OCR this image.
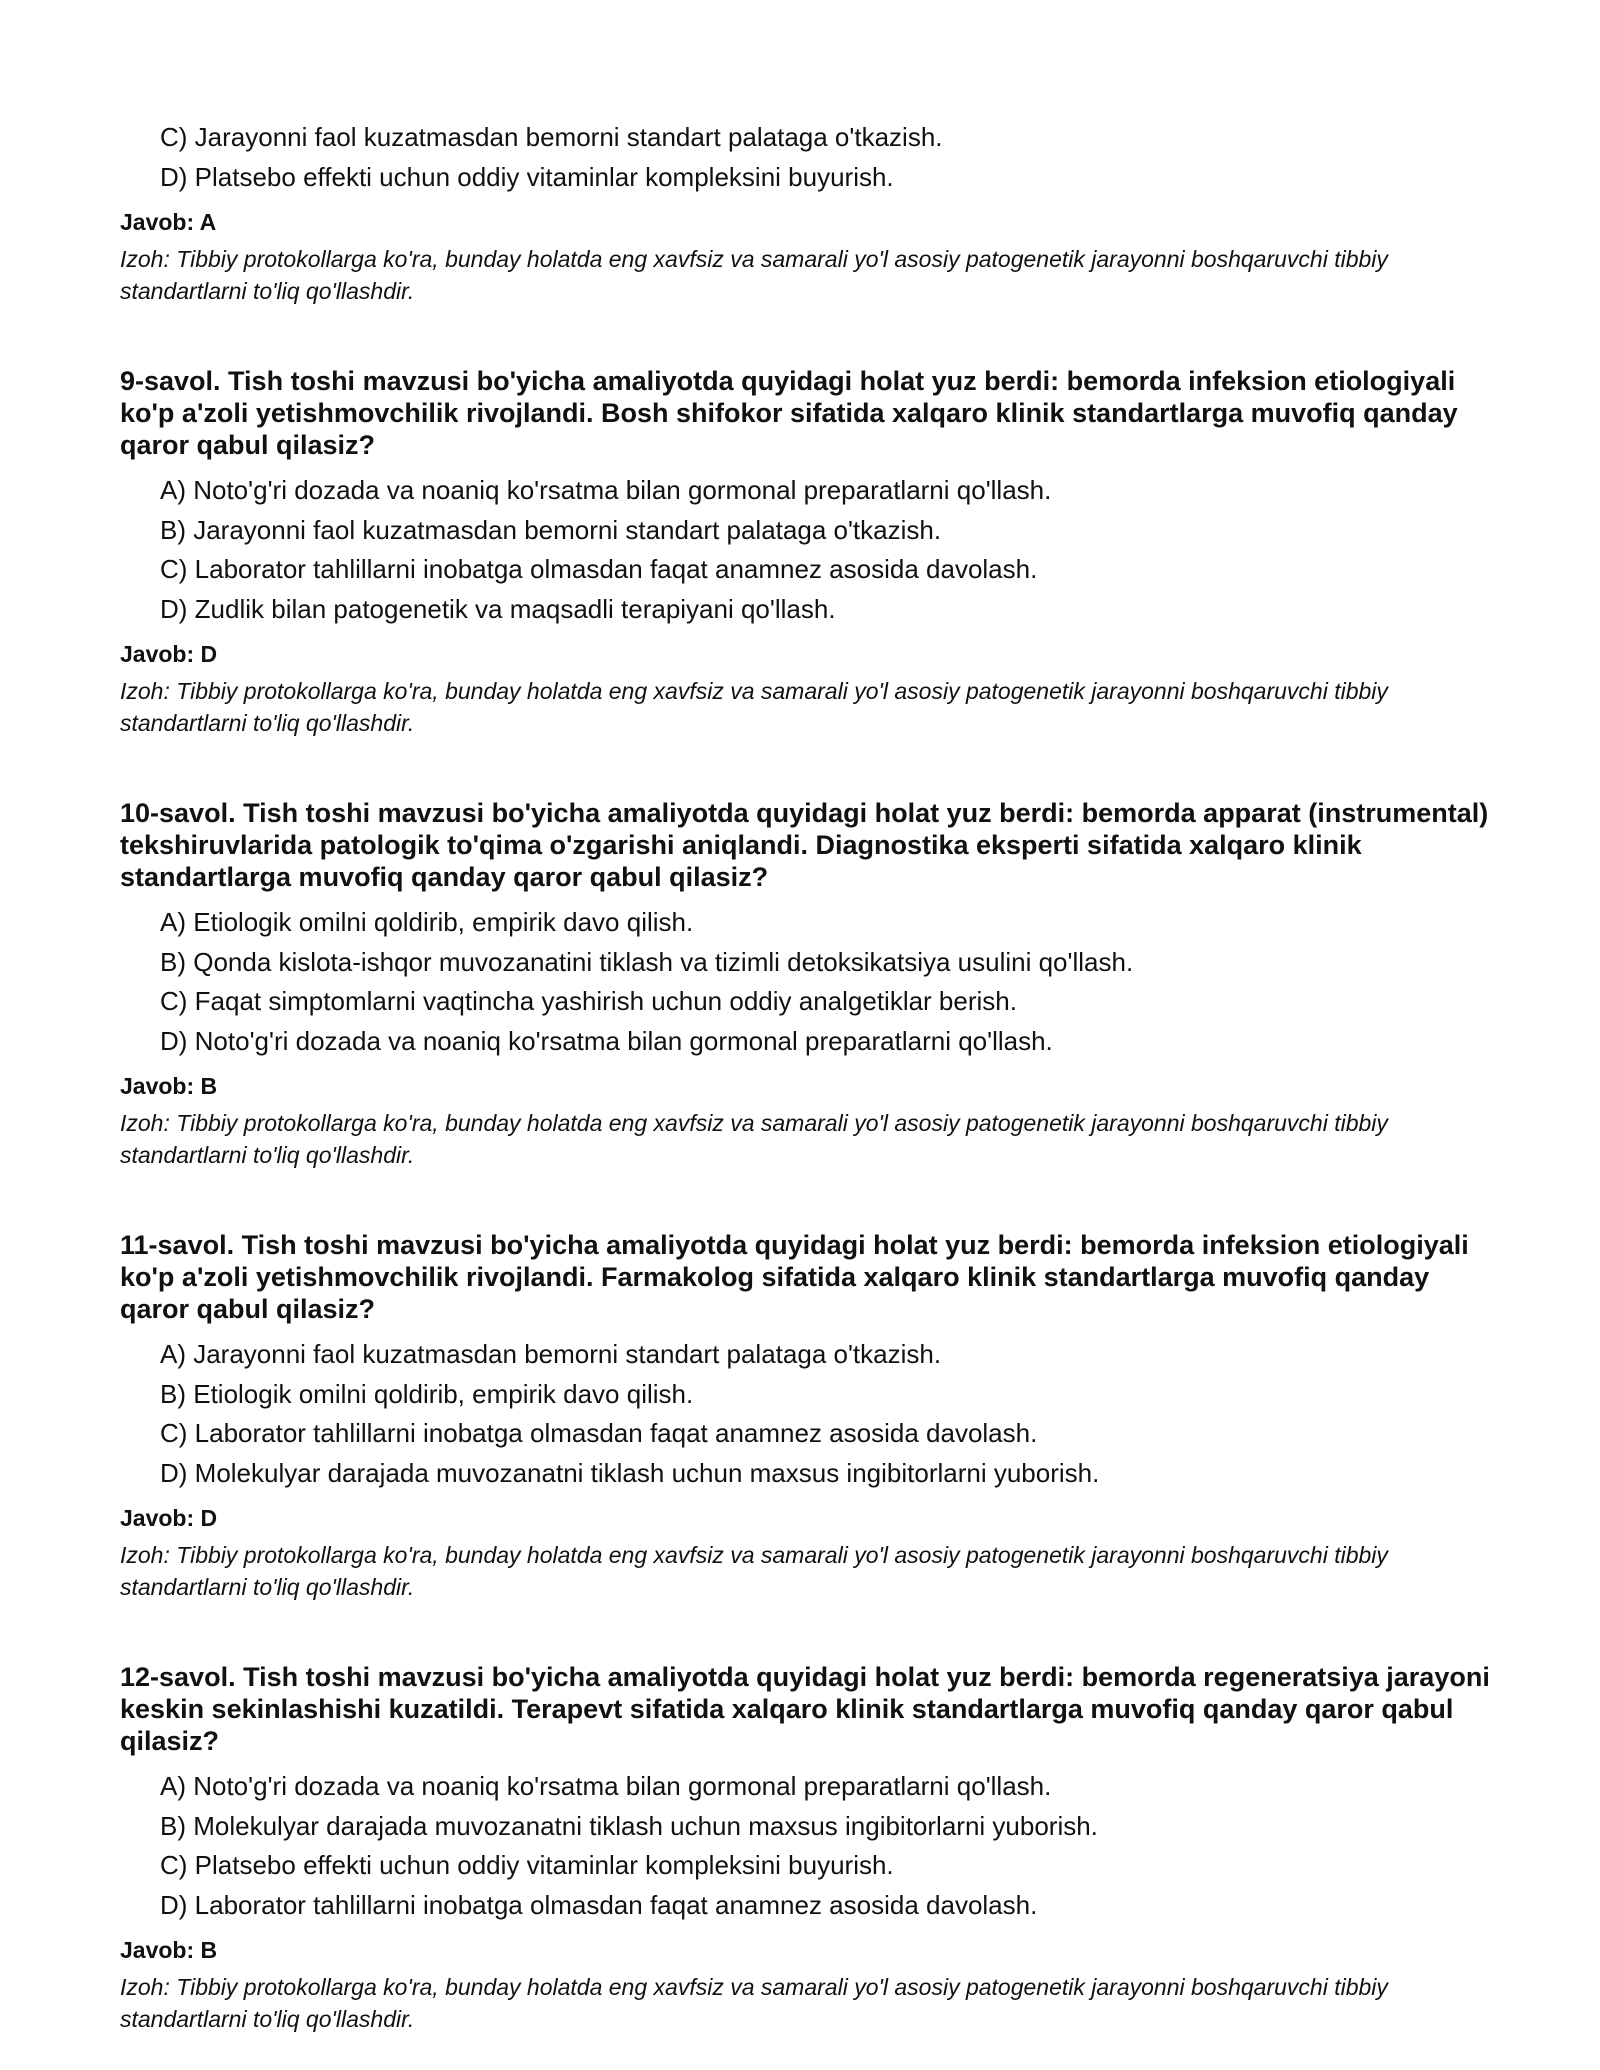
C) Jarayonni faol kuzatmasdan bemorni standart palataga o'tkazish.
D) Platsebo effekti uchun oddiy vitaminlar kompleksini buyurish.
Javob: A
Izoh: Tibbiy protokollarga ko'ra, bunday holatda eng xavfsiz va samarali yo'l asosiy patogenetik jarayonni boshqaruvchi tibbiy standartlarni to'liq qo'llashdir.

9-savol. Tish toshi mavzusi bo'yicha amaliyotda quyidagi holat yuz berdi: bemorda infeksion etiologiyali ko'p a'zoli yetishmovchilik rivojlandi. Bosh shifokor sifatida xalqaro klinik standartlarga muvofiq qanday qaror qabul qilasiz?

A) Noto'g'ri dozada va noaniq ko'rsatma bilan gormonal preparatlarni qo'llash.
B) Jarayonni faol kuzatmasdan bemorni standart palataga o'tkazish.
C) Laborator tahlillarni inobatga olmasdan faqat anamnez asosida davolash.
D) Zudlik bilan patogenetik va maqsadli terapiyani qo'llash.
Javob: D
Izoh: Tibbiy protokollarga ko'ra, bunday holatda eng xavfsiz va samarali yo'l asosiy patogenetik jarayonni boshqaruvchi tibbiy standartlarni to'liq qo'llashdir.

10-savol. Tish toshi mavzusi bo'yicha amaliyotda quyidagi holat yuz berdi: bemorda apparat (instrumental) tekshiruvlarida patologik to'qima o'zgarishi aniqlandi. Diagnostika eksperti sifatida xalqaro klinik standartlarga muvofiq qanday qaror qabul qilasiz?

A) Etiologik omilni qoldirib, empirik davo qilish.
B) Qonda kislota-ishqor muvozanatini tiklash va tizimli detoksikatsiya usulini qo'llash.
C) Faqat simptomlarni vaqtincha yashirish uchun oddiy analgetiklar berish.
D) Noto'g'ri dozada va noaniq ko'rsatma bilan gormonal preparatlarni qo'llash.
Javob: B
Izoh: Tibbiy protokollarga ko'ra, bunday holatda eng xavfsiz va samarali yo'l asosiy patogenetik jarayonni boshqaruvchi tibbiy standartlarni to'liq qo'llashdir.

11-savol. Tish toshi mavzusi bo'yicha amaliyotda quyidagi holat yuz berdi: bemorda infeksion etiologiyali ko'p a'zoli yetishmovchilik rivojlandi. Farmakolog sifatida xalqaro klinik standartlarga muvofiq qanday qaror qabul qilasiz?

A) Jarayonni faol kuzatmasdan bemorni standart palataga o'tkazish.
B) Etiologik omilni qoldirib, empirik davo qilish.
C) Laborator tahlillarni inobatga olmasdan faqat anamnez asosida davolash.
D) Molekulyar darajada muvozanatni tiklash uchun maxsus ingibitorlarni yuborish.
Javob: D
Izoh: Tibbiy protokollarga ko'ra, bunday holatda eng xavfsiz va samarali yo'l asosiy patogenetik jarayonni boshqaruvchi tibbiy standartlarni to'liq qo'llashdir.

12-savol. Tish toshi mavzusi bo'yicha amaliyotda quyidagi holat yuz berdi: bemorda regeneratsiya jarayoni keskin sekinlashishi kuzatildi. Terapevt sifatida xalqaro klinik standartlarga muvofiq qanday qaror qabul qilasiz?

A) Noto'g'ri dozada va noaniq ko'rsatma bilan gormonal preparatlarni qo'llash.
B) Molekulyar darajada muvozanatni tiklash uchun maxsus ingibitorlarni yuborish.
C) Platsebo effekti uchun oddiy vitaminlar kompleksini buyurish.
D) Laborator tahlillarni inobatga olmasdan faqat anamnez asosida davolash.
Javob: B
Izoh: Tibbiy protokollarga ko'ra, bunday holatda eng xavfsiz va samarali yo'l asosiy patogenetik jarayonni boshqaruvchi tibbiy standartlarni to'liq qo'llashdir.
